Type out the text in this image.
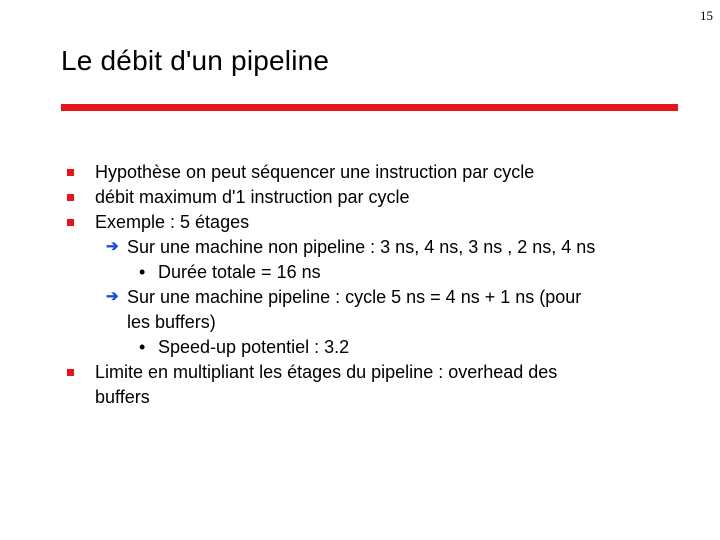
15
Le débit d'un pipeline
Hypothèse on peut séquencer une instruction par cycle
débit maximum d'1 instruction par cycle
Exemple : 5 étages
➔ Sur une machine non pipeline : 3 ns, 4 ns, 3 ns , 2 ns, 4 ns
• Durée totale = 16 ns
➔ Sur une machine pipeline : cycle 5 ns = 4 ns + 1 ns (pour
les buffers)
• Speed-up potentiel : 3.2
Limite en multipliant les étages du pipeline : overhead des
buffers
